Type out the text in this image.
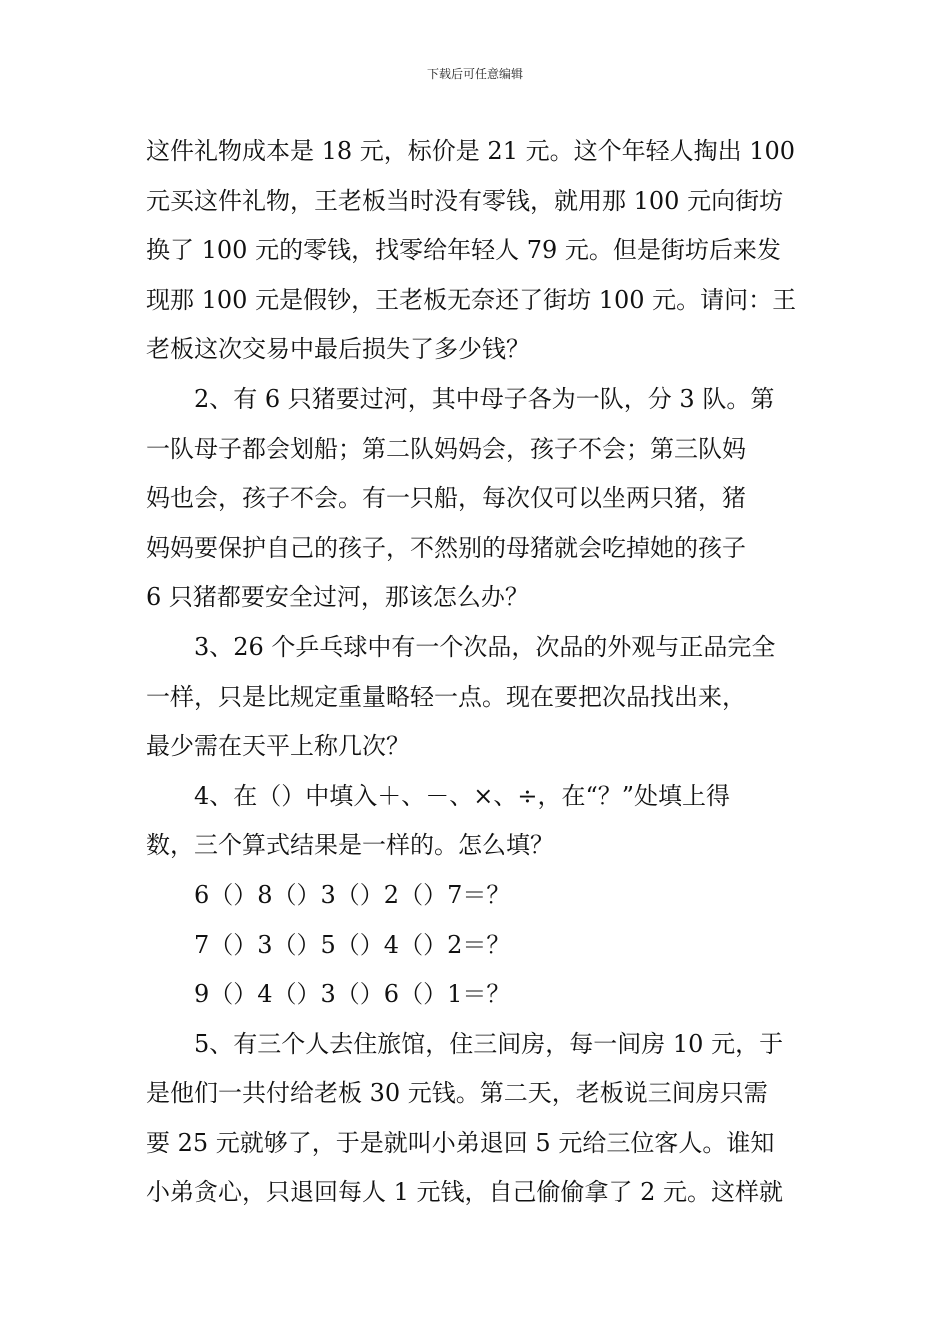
下载后可任意编辑
这件礼物成本是 18 元，标价是 21 元。这个年轻人掏出 100
元买这件礼物，王老板当时没有零钱，就用那 100 元向街坊
换了 100 元的零钱，找零给年轻人 79 元。但是街坊后来发
现那 100 元是假钞，王老板无奈还了街坊 100 元。请问：王
老板这次交易中最后损失了多少钱？
2、有 6 只猪要过河，其中母子各为一队，分 3 队。第
一队母子都会划船；第二队妈妈会，孩子不会；第三队妈
妈也会，孩子不会。有一只船，每次仅可以坐两只猪，猪
妈妈要保护自己的孩子，不然别的母猪就会吃掉她的孩子
6 只猪都要安全过河，那该怎么办？
3、26 个乒乓球中有一个次品，次品的外观与正品完全
一样，只是比规定重量略轻一点。现在要把次品找出来，
最少需在天平上称几次？
4、在（）中填入＋、－、×、÷，在“？”处填上得
数，三个算式结果是一样的。怎么填？
6（）8（）3（）2（）7＝？
7（）3（）5（）4（）2＝？
9（）4（）3（）6（）1＝？
5、有三个人去住旅馆，住三间房，每一间房 10 元，于
是他们一共付给老板 30 元钱。第二天，老板说三间房只需
要 25 元就够了，于是就叫小弟退回 5 元给三位客人。谁知
小弟贪心，只退回每人 1 元钱，自己偷偷拿了 2 元。这样就
